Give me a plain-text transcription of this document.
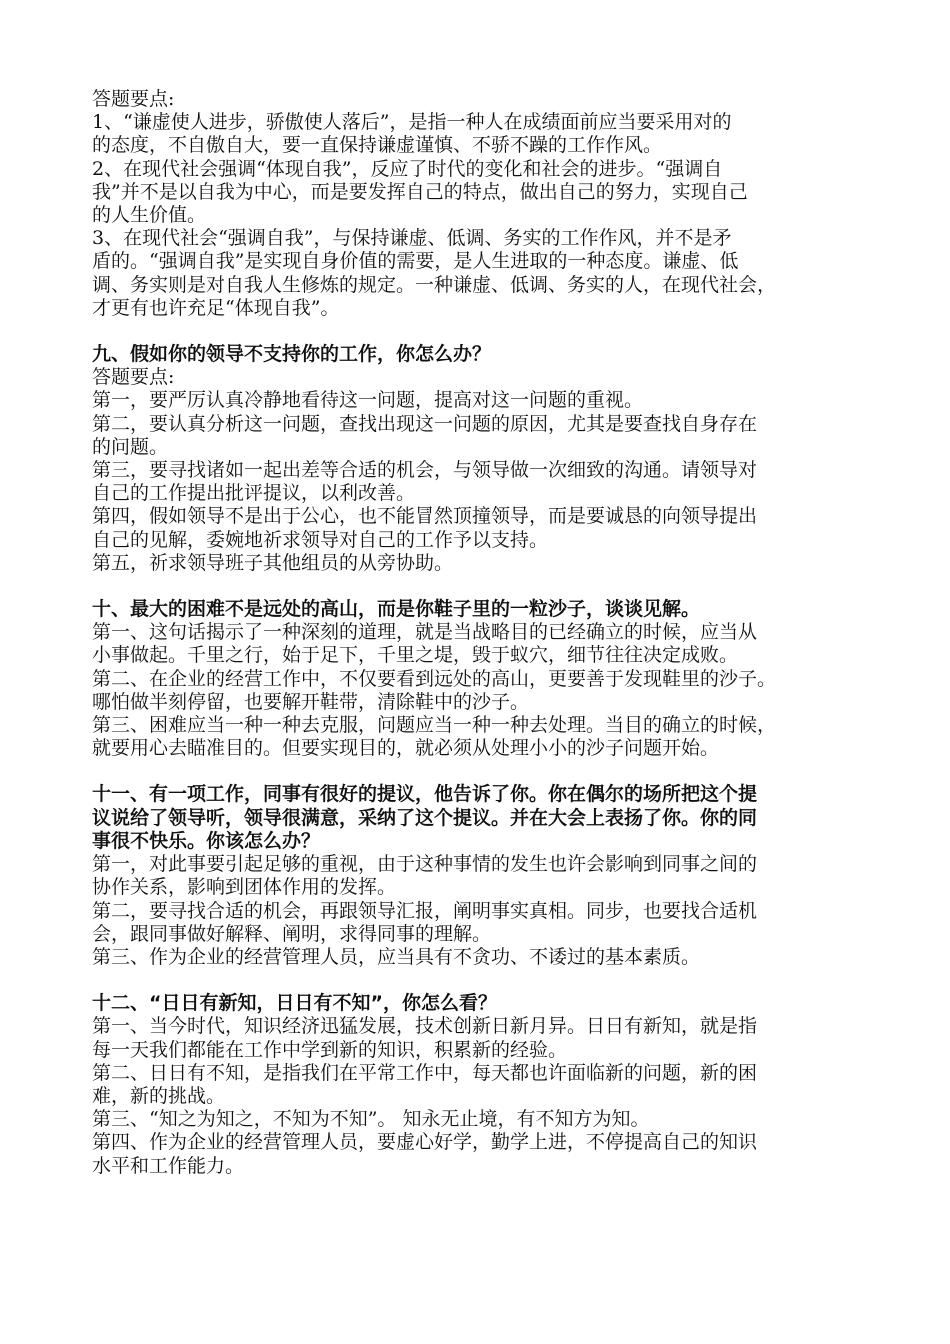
答题要点:
1、“谦虚使人进步，骄傲使人落后”，是指一种人在成绩面前应当要采用对的
的态度，不自傲自大，要一直保持谦虚谨慎、不骄不躁的工作作风。
2、在现代社会强调“体现自我”，反应了时代的变化和社会的进步。“强调自
我”并不是以自我为中心，而是要发挥自己的特点，做出自己的努力，实现自己
的人生价值。
3、在现代社会“强调自我”，与保持谦虚、低调、务实的工作作风，并不是矛
盾的。“强调自我”是实现自身价值的需要，是人生进取的一种态度。谦虚、低
调、务实则是对自我人生修炼的规定。一种谦虚、低调、务实的人，在现代社会，
才更有也许充足“体现自我”。
九、假如你的领导不支持你的工作，你怎么办？
答题要点:
第一，要严厉认真冷静地看待这一问题，提高对这一问题的重视。
第二，要认真分析这一问题，查找出现这一问题的原因，尤其是要查找自身存在
的问题。
第三，要寻找诸如一起出差等合适的机会，与领导做一次细致的沟通。请领导对
自己的工作提出批评提议，以利改善。
第四，假如领导不是出于公心，也不能冒然顶撞领导，而是要诚恳的向领导提出
自己的见解，委婉地祈求领导对自己的工作予以支持。
第五，祈求领导班子其他组员的从旁协助。
十、最大的困难不是远处的高山，而是你鞋子里的一粒沙子，谈谈见解。
第一、这句话揭示了一种深刻的道理，就是当战略目的已经确立的时候，应当从
小事做起。千里之行，始于足下，千里之堤，毁于蚁穴，细节往往决定成败。
第二、在企业的经营工作中，不仅要看到远处的高山，更要善于发现鞋里的沙子。
哪怕做半刻停留，也要解开鞋带，清除鞋中的沙子。
第三、困难应当一种一种去克服，问题应当一种一种去处理。当目的确立的时候，
就要用心去瞄准目的。但要实现目的，就必须从处理小小的沙子问题开始。
十一、有一项工作，同事有很好的提议，他告诉了你。你在偶尔的场所把这个提
议说给了领导听，领导很满意，采纳了这个提议。并在大会上表扬了你。你的同
事很不快乐。你该怎么办？
第一，对此事要引起足够的重视，由于这种事情的发生也许会影响到同事之间的
协作关系，影响到团体作用的发挥。
第二，要寻找合适的机会，再跟领导汇报，阐明事实真相。同步，也要找合适机
会，跟同事做好解释、阐明，求得同事的理解。
第三、作为企业的经营管理人员，应当具有不贪功、不诿过的基本素质。
十二、“日日有新知，日日有不知”，你怎么看？
第一、当今时代，知识经济迅猛发展，技术创新日新月异。日日有新知，就是指
每一天我们都能在工作中学到新的知识，积累新的经验。
第二、日日有不知，是指我们在平常工作中，每天都也许面临新的问题，新的困
难，新的挑战。
第三、“知之为知之，不知为不知”。 知永无止境，有不知方为知。
第四、作为企业的经营管理人员，要虚心好学，勤学上进，不停提高自己的知识
水平和工作能力。
